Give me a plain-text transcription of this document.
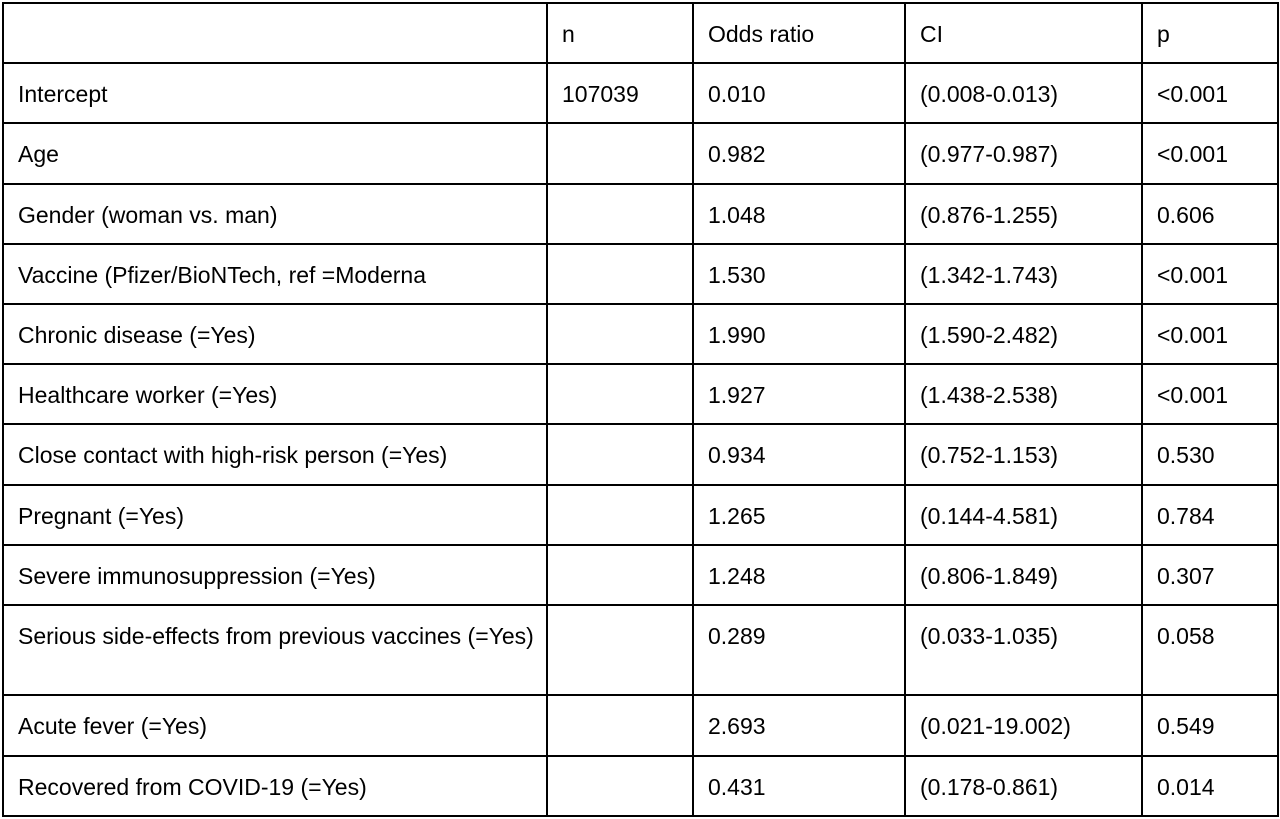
	n	Odds ratio	CI	p

Intercept	107039	0.010	(0.008-0.013)	<0.001

Age		0.982	(0.977-0.987)	<0.001

Gender (woman vs. man)		1.048	(0.876-1.255)	0.606

Vaccine (Pfizer/BioNTech, ref =Moderna		1.530	(1.342-1.743)	<0.001

Chronic disease (=Yes)		1.990	(1.590-2.482)	<0.001

Healthcare worker (=Yes)		1.927	(1.438-2.538)	<0.001

Close contact with high-risk person (=Yes)		0.934	(0.752-1.153)	0.530

Pregnant (=Yes)		1.265	(0.144-4.581)	0.784

Severe immunosuppression (=Yes)		1.248	(0.806-1.849)	0.307

Serious side-effects from previous vaccines (=Yes)		0.289	(0.033-1.035)	0.058

Acute fever (=Yes)		2.693	(0.021-19.002)	0.549

Recovered from COVID-19 (=Yes)		0.431	(0.178-0.861)	0.014
